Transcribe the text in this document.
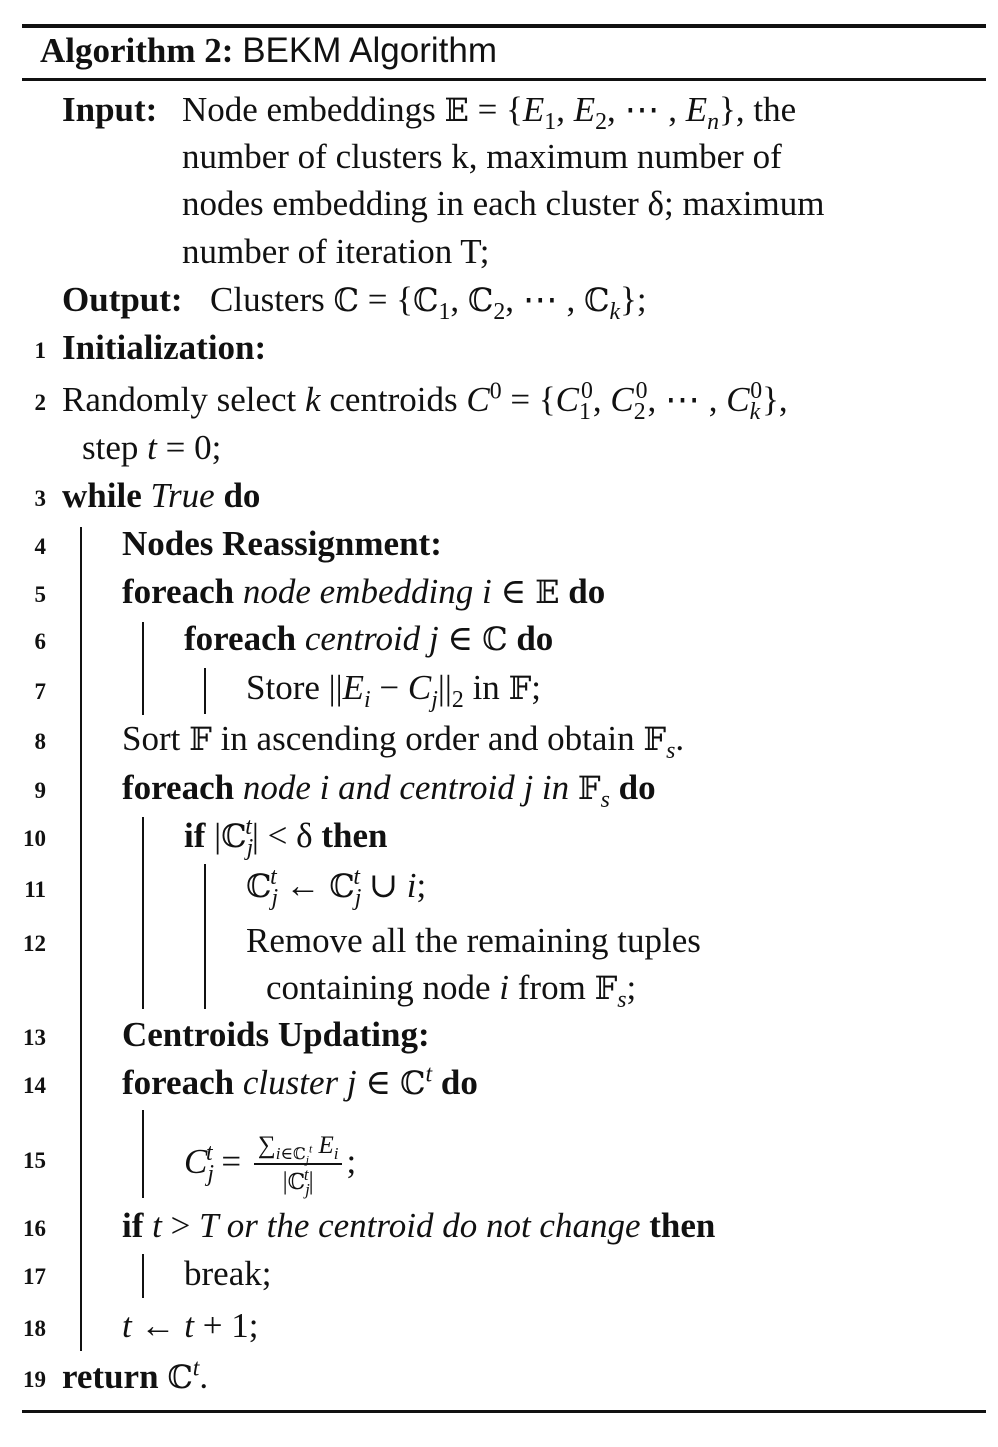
Algorithm 2: BEKM Algorithm
Input: Node embeddings 𝔼 = {$E_1$, $E_2$, ⋯ , $E_n$}, the
number of clusters k, maximum number of
nodes embedding in each cluster δ; maximum
number of iteration T;
Output: Clusters ℂ = {ℂ$_1$, ℂ$_2$, ⋯ , ℂ$_k$};
1
2
3
4
5
6
7
8
9
10
11
12
13
14
15
16
17
18
19
Initialization:
Randomly select k centroids $C^0 = \{C_1^0$, $C_2^0$, ⋯ , $C_k^0$},
step t = 0;
while True do
Nodes Reassignment:
foreach node embedding i ∈ 𝔼 do
foreach centroid j ∈ ℂ do
Store $||E_i - C_j||_2$ in 𝔽;
Sort 𝔽 in ascending order and obtain 𝔽$_s$.
foreach node i and centroid j in 𝔽$_s$ do
if |ℂ$_j^t$| < δ then
ℂ$_j^t$ ← ℂ$_j^t$ ∪ i;
Remove all the remaining tuples
containing node i from 𝔽$_s$;
Centroids Updating:
foreach cluster j ∈ ℂ$^t$ do
$C_j^t = \frac{\sum_{i\in ℂ_j^t} E_i}{|ℂ_j^t|}$ ;
if t > T or the centroid do not change then
break;
t ← t + 1;
return ℂ$^t$.
